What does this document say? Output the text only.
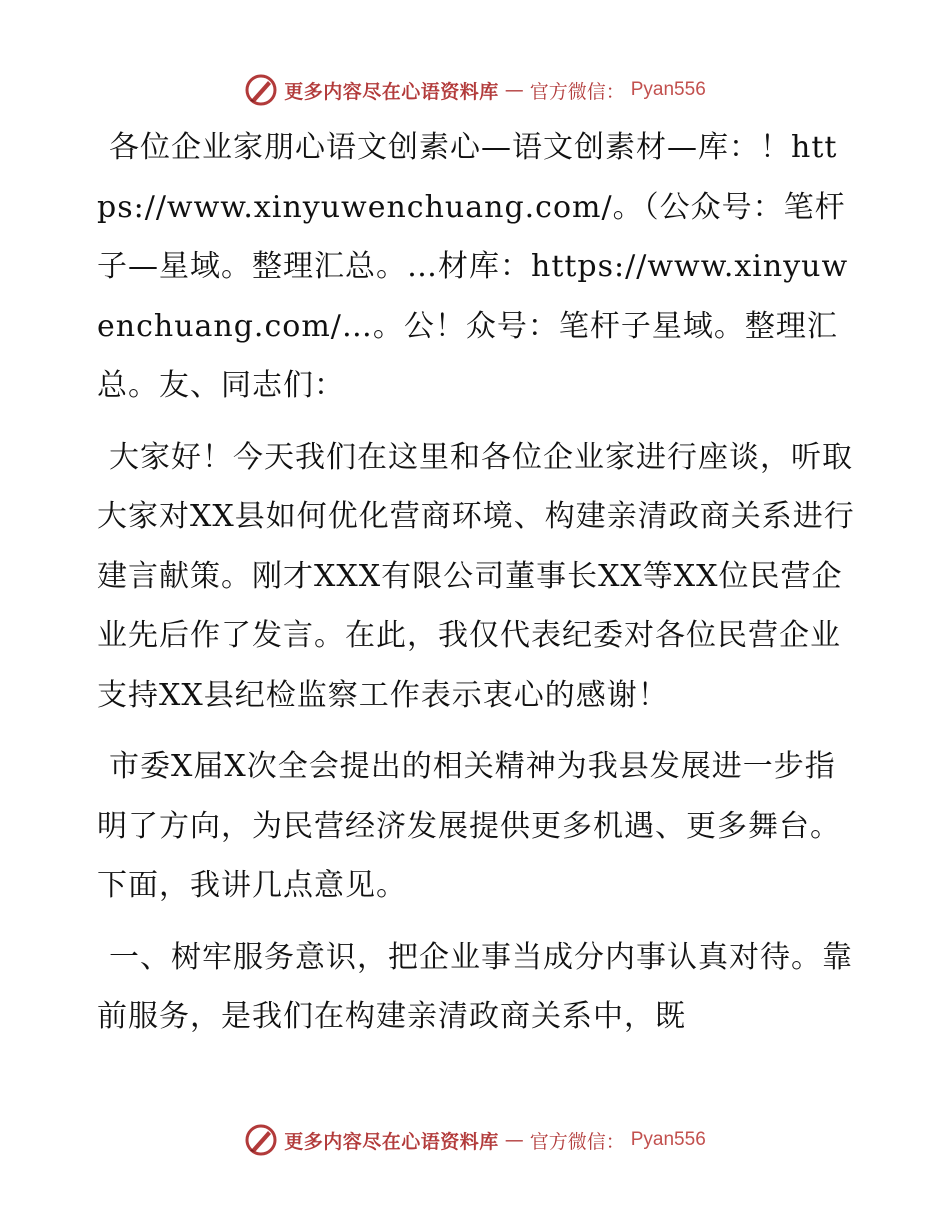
更多内容尽在心语资料库 — 官方微信： Pyan556

各位企业家朋心语文创素心—语文创素材—库：！https://www.xinyuwenchuang.com/。（公众号：笔杆子—星域。整理汇总。…材库：https://www.xinyuwenchuang.com/…。公！众号：笔杆子星域。整理汇总。友、同志们：

大家好！今天我们在这里和各位企业家进行座谈，听取大家对XX县如何优化营商环境、构建亲清政商关系进行建言献策。刚才XXX有限公司董事长XX等XX位民营企业先后作了发言。在此，我仅代表纪委对各位民营企业支持XX县纪检监察工作表示衷心的感谢！

市委X届X次全会提出的相关精神为我县发展进一步指明了方向，为民营经济发展提供更多机遇、更多舞台。下面，我讲几点意见。

一、树牢服务意识，把企业事当成分内事认真对待。靠前服务，是我们在构建亲清政商关系中，既

更多内容尽在心语资料库 — 官方微信： Pyan556
